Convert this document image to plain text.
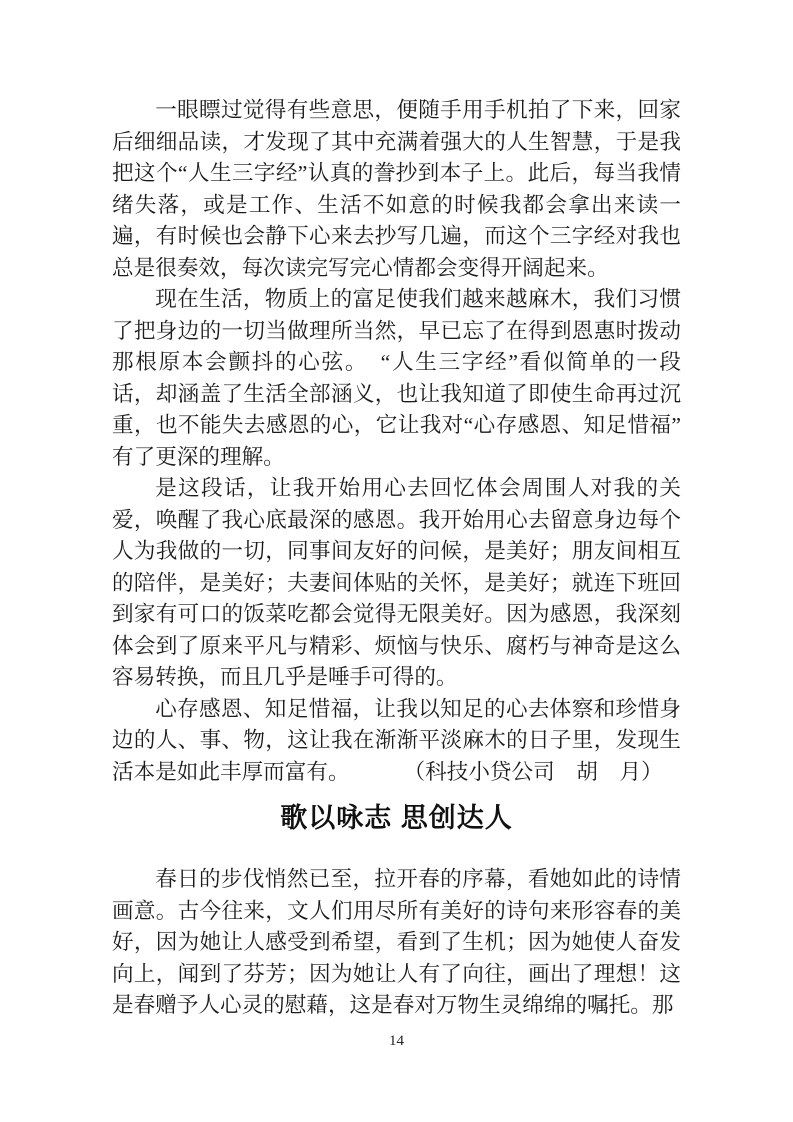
一眼瞟过觉得有些意思，便随手用手机拍了下来，回家后细细品读，才发现了其中充满着强大的人生智慧，于是我把这个“人生三字经”认真的誊抄到本子上。此后，每当我情绪失落，或是工作、生活不如意的时候我都会拿出来读一遍，有时候也会静下心来去抄写几遍，而这个三字经对我也总是很奏效，每次读完写完心情都会变得开阔起来。

现在生活，物质上的富足使我们越来越麻木，我们习惯了把身边的一切当做理所当然，早已忘了在得到恩惠时拨动那根原本会颤抖的心弦。　“人生三字经”看似简单的一段话，却涵盖了生活全部涵义，也让我知道了即使生命再过沉重，也不能失去感恩的心，它让我对“心存感恩、知足惜福”有了更深的理解。

是这段话，让我开始用心去回忆体会周围人对我的关爱，唤醒了我心底最深的感恩。我开始用心去留意身边每个人为我做的一切，同事间友好的问候，是美好；朋友间相互的陪伴，是美好；夫妻间体贴的关怀，是美好；就连下班回到家有可口的饭菜吃都会觉得无限美好。因为感恩，我深刻体会到了原来平凡与精彩、烦恼与快乐、腐朽与神奇是这么容易转换，而且几乎是唾手可得的。

心存感恩、知足惜福，让我以知足的心去体察和珍惜身边的人、事、物，这让我在渐渐平淡麻木的日子里，发现生活本是如此丰厚而富有。	（科技小贷公司　胡　月）

歌以咏志 思创达人

春日的步伐悄然已至，拉开春的序幕，看她如此的诗情画意。古今往来，文人们用尽所有美好的诗句来形容春的美好，因为她让人感受到希望，看到了生机；因为她使人奋发向上，闻到了芬芳；因为她让人有了向往，画出了理想！这是春赠予人心灵的慰藉，这是春对万物生灵绵绵的嘱托。那

14
